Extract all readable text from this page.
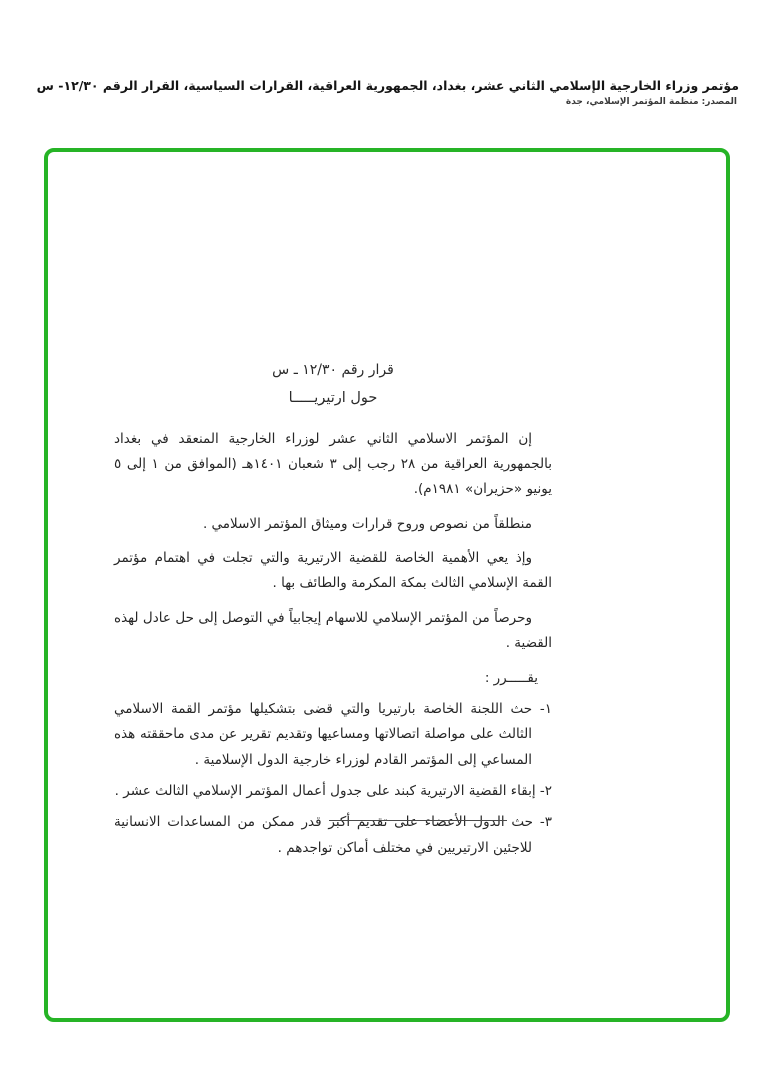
مؤتمر وزراء الخارجية الإسلامي الثاني عشر، بغداد، الجمهورية العراقية، القرارات السياسية، القرار الرقم ١٢/٣٠- س
المصدر: منظمة المؤتمر الإسلامي، جدة
قرار رقم ١٢/٣٠ ـ س
حول ارتيريـــــا

إن المؤتمر الاسلامي الثاني عشر لوزراء الخارجية المنعقد في بغداد بالجمهورية العراقية من ٢٨ رجب إلى ٣ شعبان ١٤٠١هـ (الموافق من ١ إلى ٥ يونيو «حزيران» ١٩٨١م).

منطلقاً من نصوص وروح قرارات وميثاق المؤتمر الاسلامي .

وإذ يعي الأهمية الخاصة للقضية الارتيرية والتي تجلت في اهتمام مؤتمر القمة الإسلامي الثالث بمكة المكرمة والطائف بها .

وحرصاً من المؤتمر الإسلامي للاسهام إيجابياً في التوصل إلى حل عادل لهذه القضية .

يقـــــرر :
١- حث اللجنة الخاصة بارتيريا والتي قضى بتشكيلها مؤتمر القمة الاسلامي الثالث على مواصلة اتصالاتها ومساعيها وتقديم تقرير عن مدى ماحققته هذه المساعي إلى المؤتمر القادم لوزراء خارجية الدول الإسلامية .
٢- إبقاء القضية الارتيرية كبند على جدول أعمال المؤتمر الإسلامي الثالث عشر .
٣- حث الدول الأعضاء على تقديم أكبر قدر ممكن من المساعدات الانسانية للاجئين الارتيريين في مختلف أماكن تواجدهم .
